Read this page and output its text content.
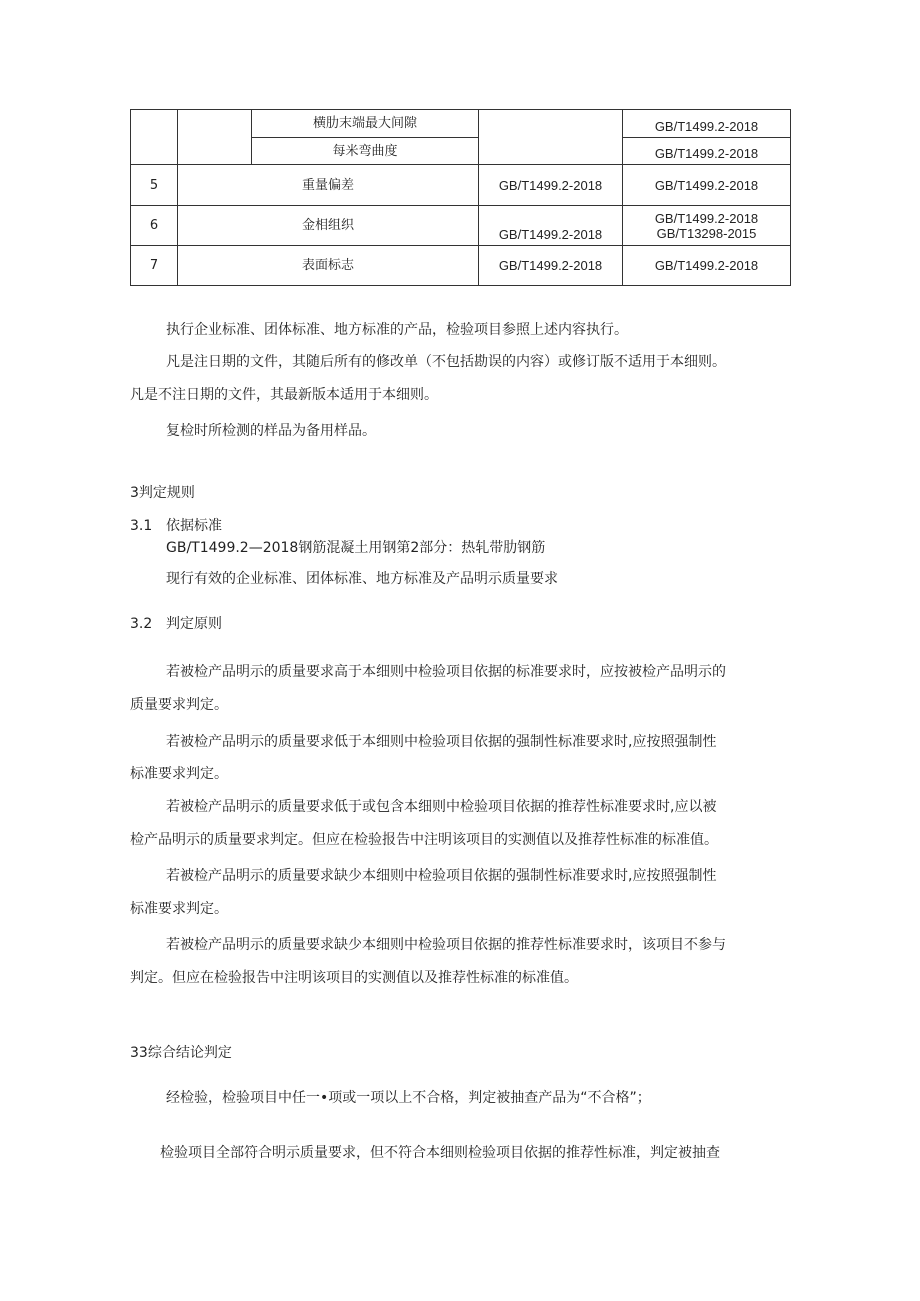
		横肋末端最大间隙		GB/T1499.2-2018
		每米弯曲度		GB/T1499.2-2018
5	重量偏差		GB/T1499.2-2018	GB/T1499.2-2018
6	金相组织		GB/T1499.2-2018	GB/T1499.2-2018
GB/T13298-2015

7	表面标志		GB/T1499.2-2018	GB/T1499.2-2018
执行企业标准、团体标准、地方标准的产品，检验项目参照上述内容执行。
凡是注日期的文件，其随后所有的修改单（不包括勘误的内容）或修订版不适用于本细则。
凡是不注日期的文件，其最新版本适用于本细则。
复检时所检测的样品为备用样品。
3判定规则
3.1 依据标准
GB/T1499.2—2018钢筋混凝土用钢第2部分：热轧带肋钢筋
现行有效的企业标准、团体标准、地方标准及产品明示质量要求
3.2 判定原则
若被检产品明示的质量要求高于本细则中检验项目依据的标准要求时，应按被检产品明示的
质量要求判定。
若被检产品明示的质量要求低于本细则中检验项目依据的强制性标准要求时,应按照强制性
标准要求判定。
若被检产品明示的质量要求低于或包含本细则中检验项目依据的推荐性标准要求时,应以被
检产品明示的质量要求判定。但应在检验报告中注明该项目的实测值以及推荐性标准的标准值。
若被检产品明示的质量要求缺少本细则中检验项目依据的强制性标准要求时,应按照强制性
标准要求判定。
若被检产品明示的质量要求缺少本细则中检验项目依据的推荐性标准要求时，该项目不参与
判定。但应在检验报告中注明该项目的实测值以及推荐性标准的标准值。
33综合结论判定
经检验，检验项目中任一•项或一项以上不合格，判定被抽查产品为“不合格”；
检验项目全部符合明示质量要求，但不符合本细则检验项目依据的推荐性标准，判定被抽查
